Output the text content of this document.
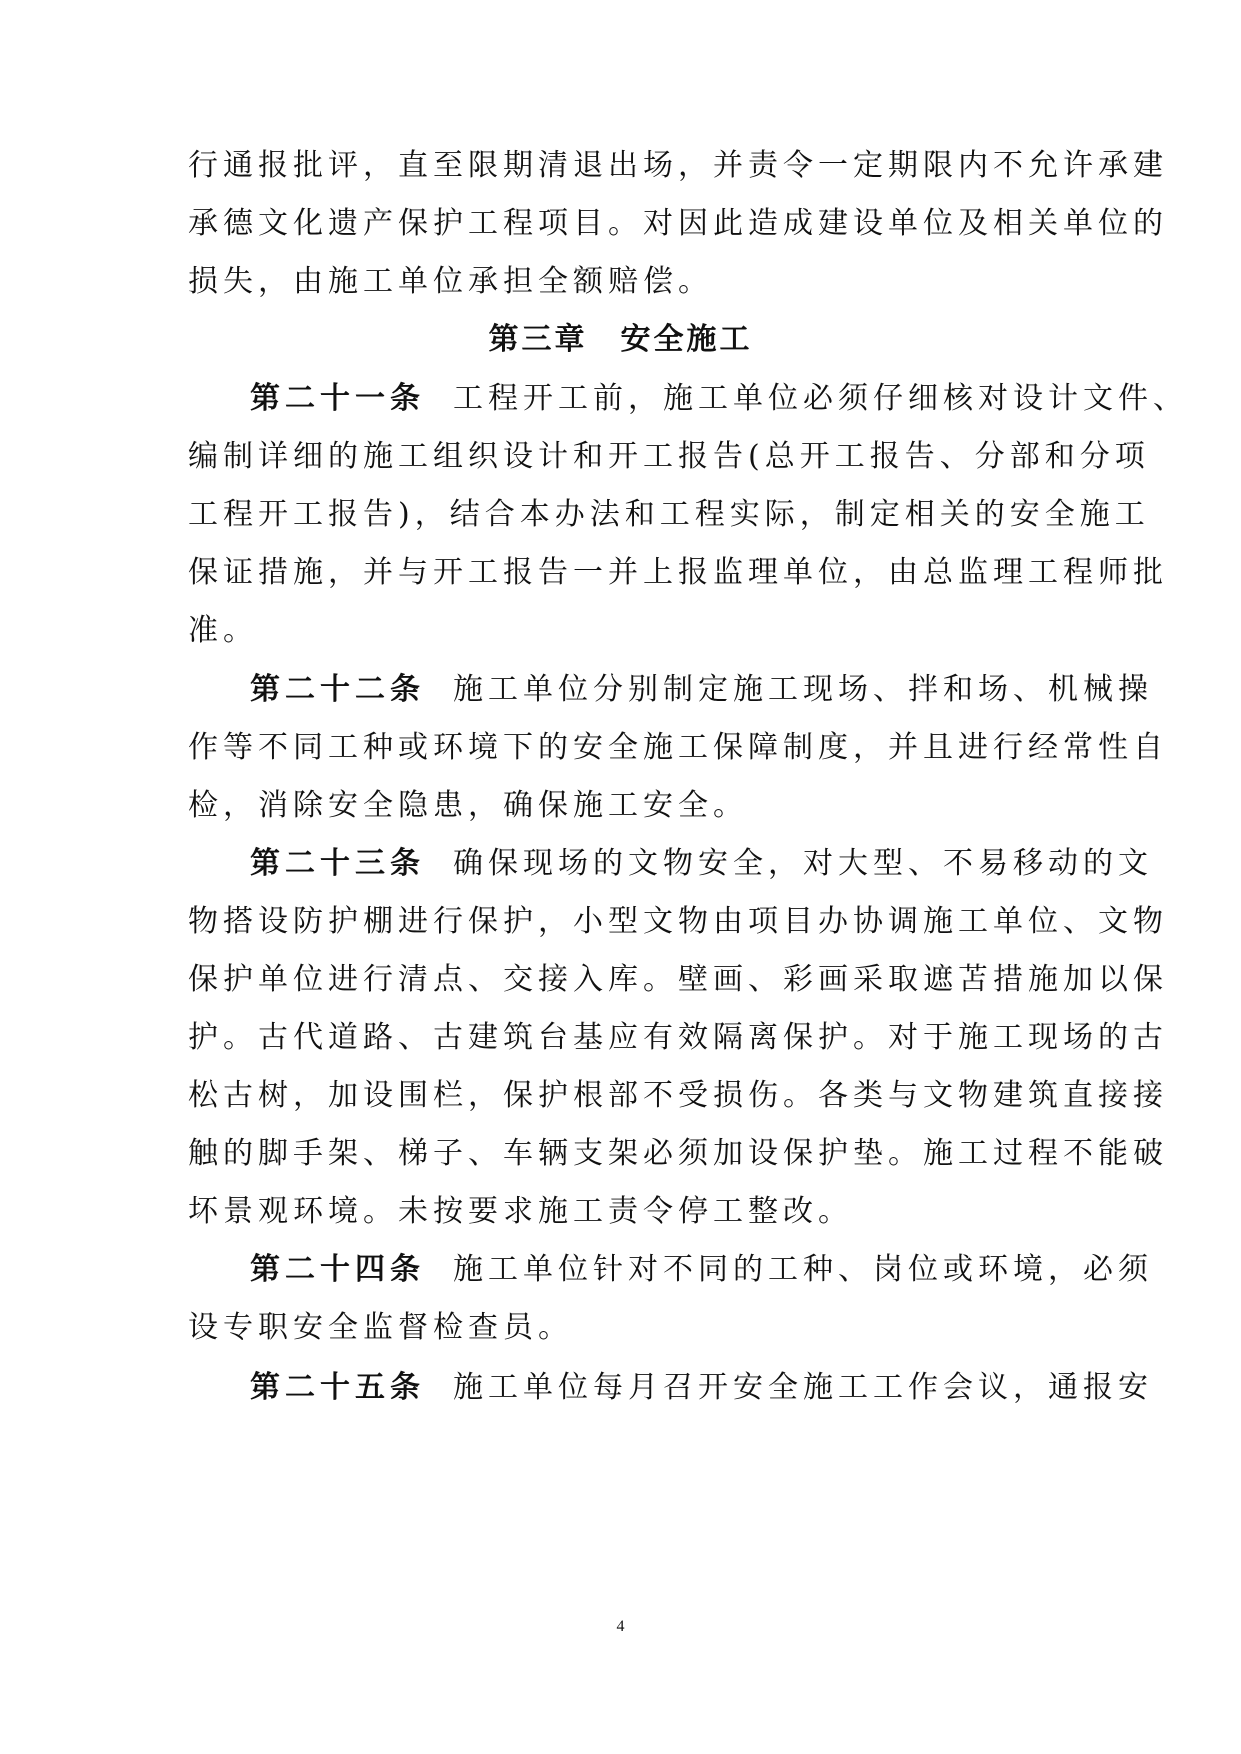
行通报批评，直至限期清退出场，并责令一定期限内不允许承建
承德文化遗产保护工程项目。对因此造成建设单位及相关单位的
损失，由施工单位承担全额赔偿。
第三章　安全施工
第二十一条 工程开工前，施工单位必须仔细核对设计文件、
编制详细的施工组织设计和开工报告(总开工报告、分部和分项
工程开工报告)，结合本办法和工程实际，制定相关的安全施工
保证措施，并与开工报告一并上报监理单位，由总监理工程师批
准。
第二十二条 施工单位分别制定施工现场、拌和场、机械操
作等不同工种或环境下的安全施工保障制度，并且进行经常性自
检，消除安全隐患，确保施工安全。
第二十三条 确保现场的文物安全，对大型、不易移动的文
物搭设防护棚进行保护，小型文物由项目办协调施工单位、文物
保护单位进行清点、交接入库。壁画、彩画采取遮苫措施加以保
护。古代道路、古建筑台基应有效隔离保护。对于施工现场的古
松古树，加设围栏，保护根部不受损伤。各类与文物建筑直接接
触的脚手架、梯子、车辆支架必须加设保护垫。施工过程不能破
坏景观环境。未按要求施工责令停工整改。
第二十四条 施工单位针对不同的工种、岗位或环境，必须
设专职安全监督检查员。
第二十五条 施工单位每月召开安全施工工作会议，通报安
4
